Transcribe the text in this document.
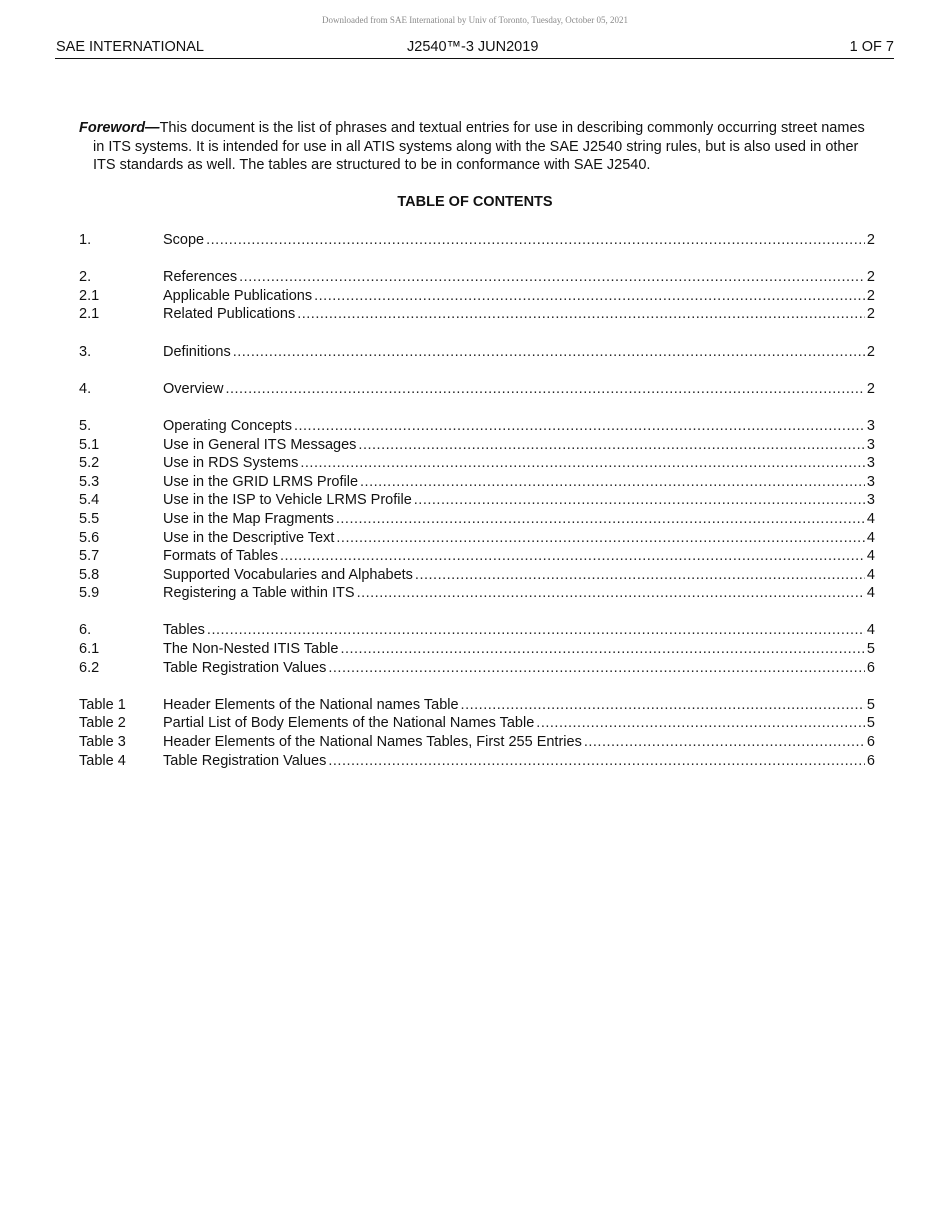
Downloaded from SAE International by Univ of Toronto, Tuesday, October 05, 2021
SAE INTERNATIONAL	J2540™-3 JUN2019	1 OF 7
Foreword—This document is the list of phrases and textual entries for use in describing commonly occurring street names in ITS systems. It is intended for use in all ATIS systems along with the SAE J2540 string rules, but is also used in other ITS standards as well. The tables are structured to be in conformance with SAE J2540.
TABLE OF CONTENTS
1.	Scope .....	2
2.	References .....	2
2.1	Applicable Publications .....	2
2.1	Related Publications .....	2
3.	Definitions .....	2
4.	Overview .....	2
5.	Operating Concepts .....	3
5.1	Use in General ITS Messages .....	3
5.2	Use in RDS Systems .....	3
5.3	Use in the GRID LRMS Profile .....	3
5.4	Use in the ISP to Vehicle LRMS Profile .....	3
5.5	Use in the Map Fragments .....	4
5.6	Use in the Descriptive Text .....	4
5.7	Formats of Tables .....	4
5.8	Supported Vocabularies and Alphabets .....	4
5.9	Registering a Table within ITS .....	4
6.	Tables .....	4
6.1	The Non-Nested ITIS Table .....	5
6.2	Table Registration Values .....	6
Table 1	Header Elements of the National names Table .....	5
Table 2	Partial List of Body Elements of the National Names Table .....	5
Table 3	Header Elements of the National Names Tables, First 255 Entries .....	6
Table 4	Table Registration Values .....	6
